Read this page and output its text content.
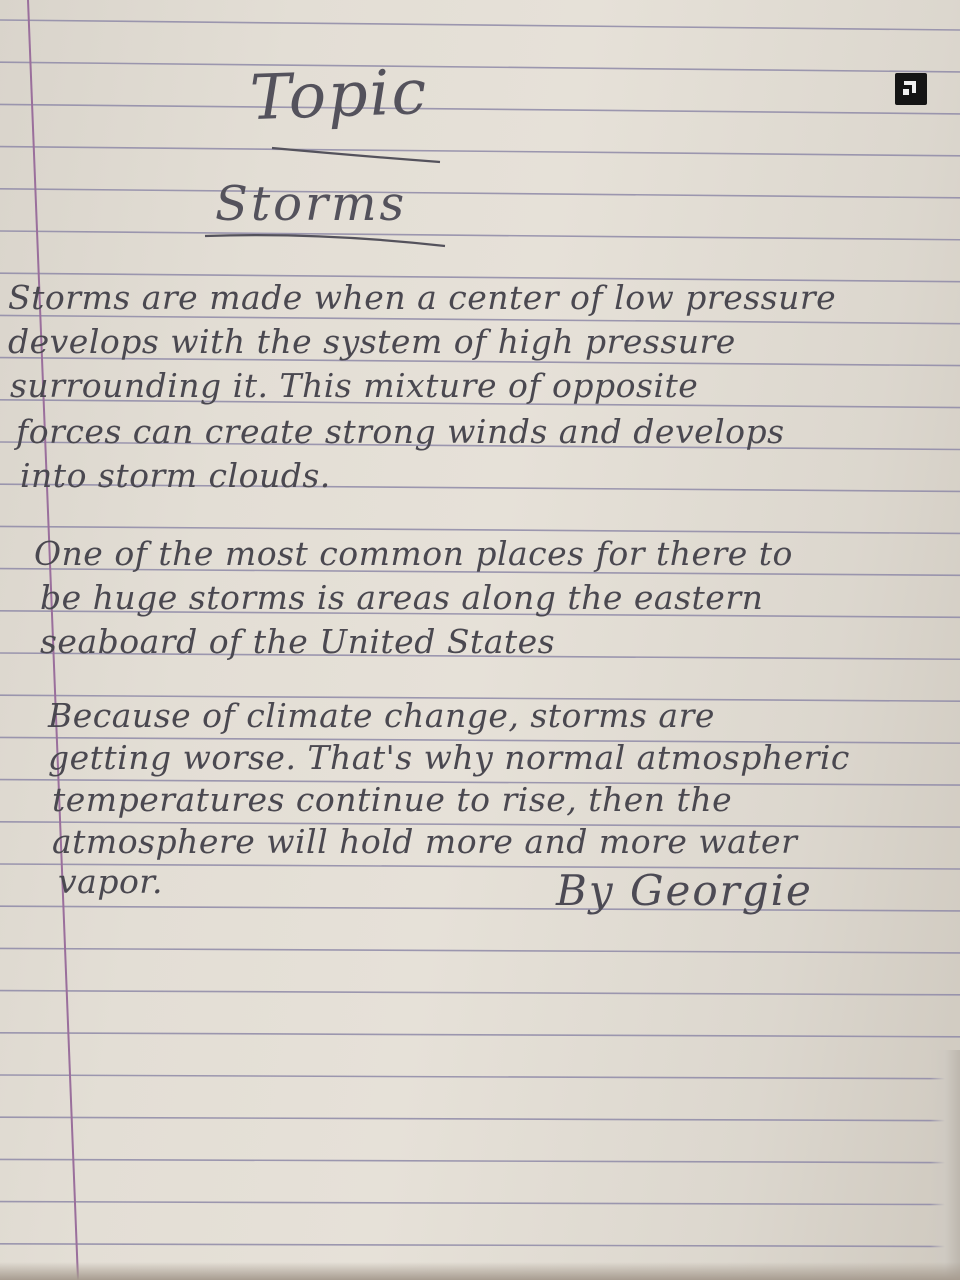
Topic
Storms
Storms are made when a center of low pressure
develops with the system of high pressure
surrounding it. This mixture of opposite
forces can create strong winds and develops
into storm clouds.
One of the most common places for there to
be huge storms is areas along the eastern
seaboard of the United States
Because of climate change, storms are
getting worse. That's why normal atmospheric
temperatures continue to rise, then the
atmosphere will hold more and more water
vapor.	By Georgie
